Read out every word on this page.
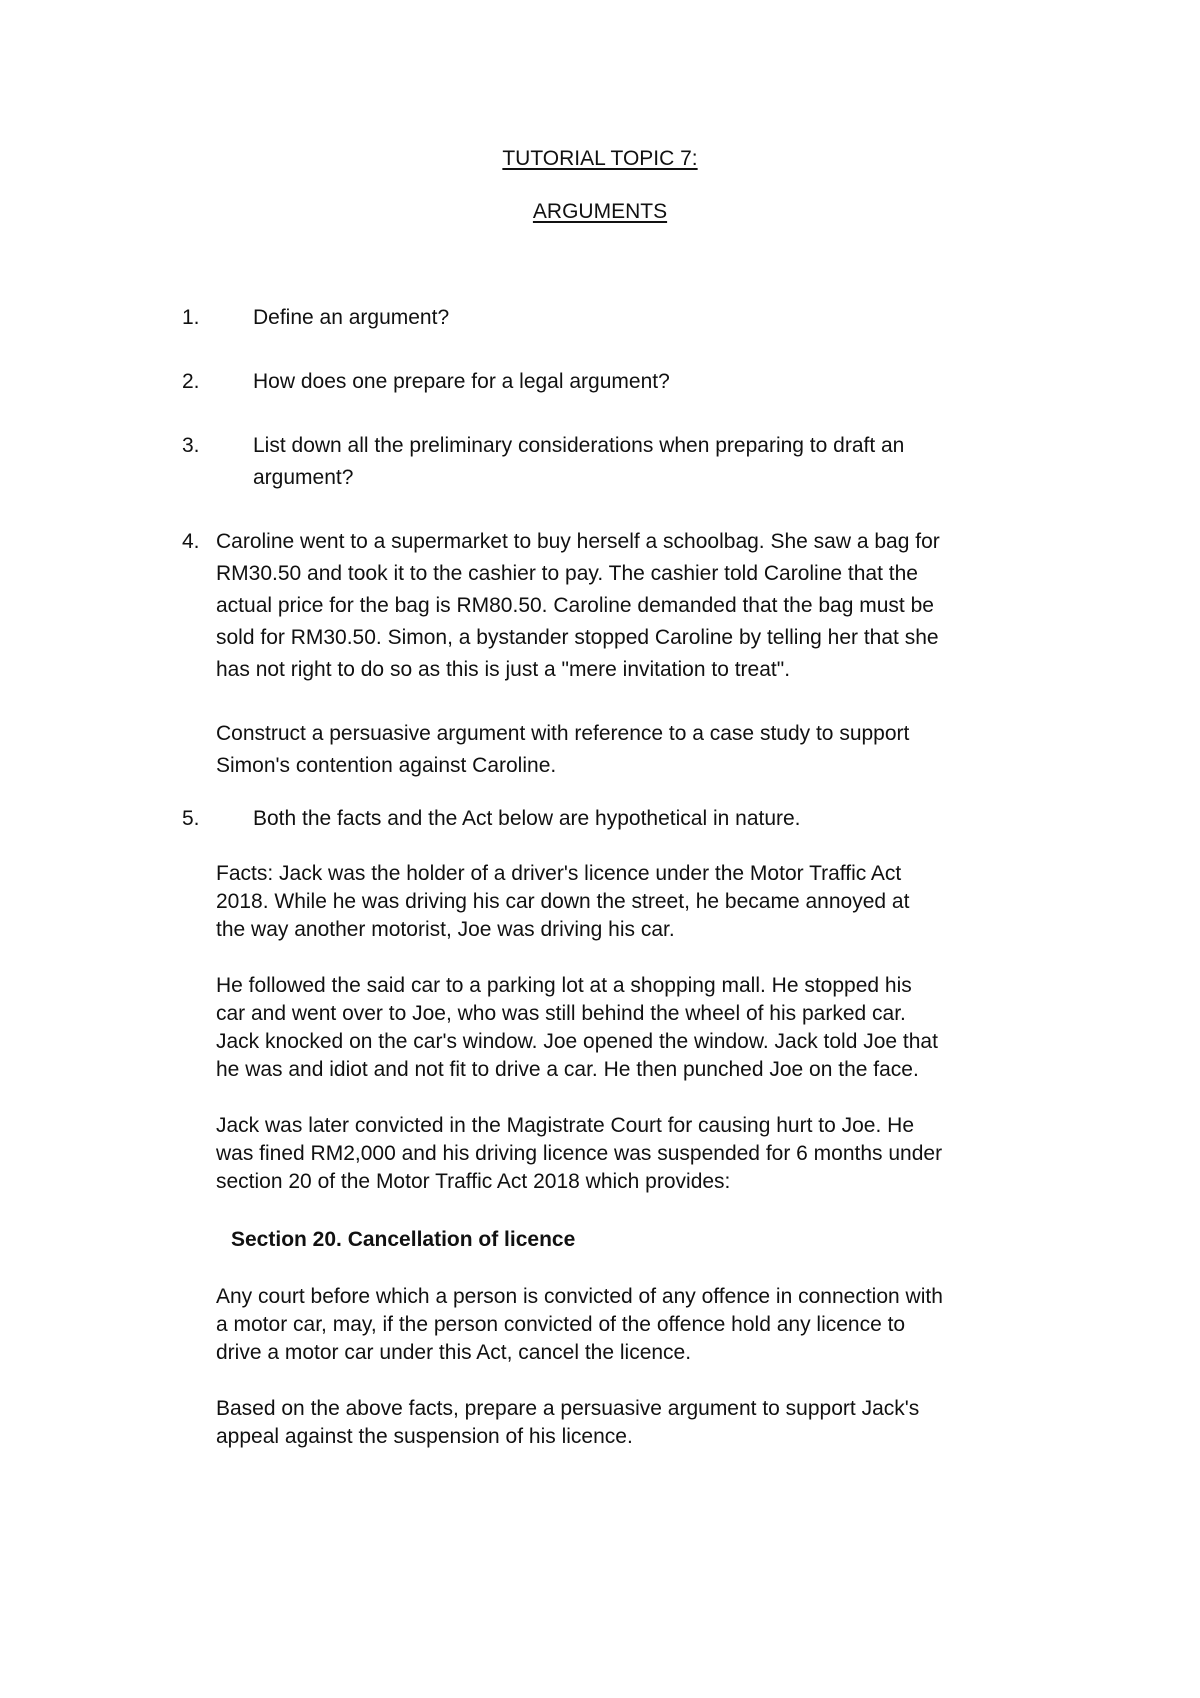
TUTORIAL TOPIC 7:
ARGUMENTS
1.	Define an argument?
2.	How does one prepare for a legal argument?
3.	List down all the preliminary considerations when preparing to draft an
argument?
4. Caroline went to a supermarket to buy herself a schoolbag. She saw a bag for
RM30.50 and took it to the cashier to pay. The cashier told Caroline that the
actual price for the bag is RM80.50. Caroline demanded that the bag must be
sold for RM30.50. Simon, a bystander stopped Caroline by telling her that she
has not right to do so as this is just a "mere invitation to treat".
Construct a persuasive argument with reference to a case study to support
Simon's contention against Caroline.
5.	Both the facts and the Act below are hypothetical in nature.
Facts: Jack was the holder of a driver's licence under the Motor Traffic Act
2018. While he was driving his car down the street, he became annoyed at
the way another motorist, Joe was driving his car.
He followed the said car to a parking lot at a shopping mall. He stopped his
car and went over to Joe, who was still behind the wheel of his parked car.
Jack knocked on the car's window. Joe opened the window. Jack told Joe that
he was and idiot and not fit to drive a car. He then punched Joe on the face.
Jack was later convicted in the Magistrate Court for causing hurt to Joe. He
was fined RM2,000 and his driving licence was suspended for 6 months under
section 20 of the Motor Traffic Act 2018 which provides:
Section 20. Cancellation of licence
Any court before which a person is convicted of any offence in connection with
a motor car, may, if the person convicted of the offence hold any licence to
drive a motor car under this Act, cancel the licence.
Based on the above facts, prepare a persuasive argument to support Jack's
appeal against the suspension of his licence.
